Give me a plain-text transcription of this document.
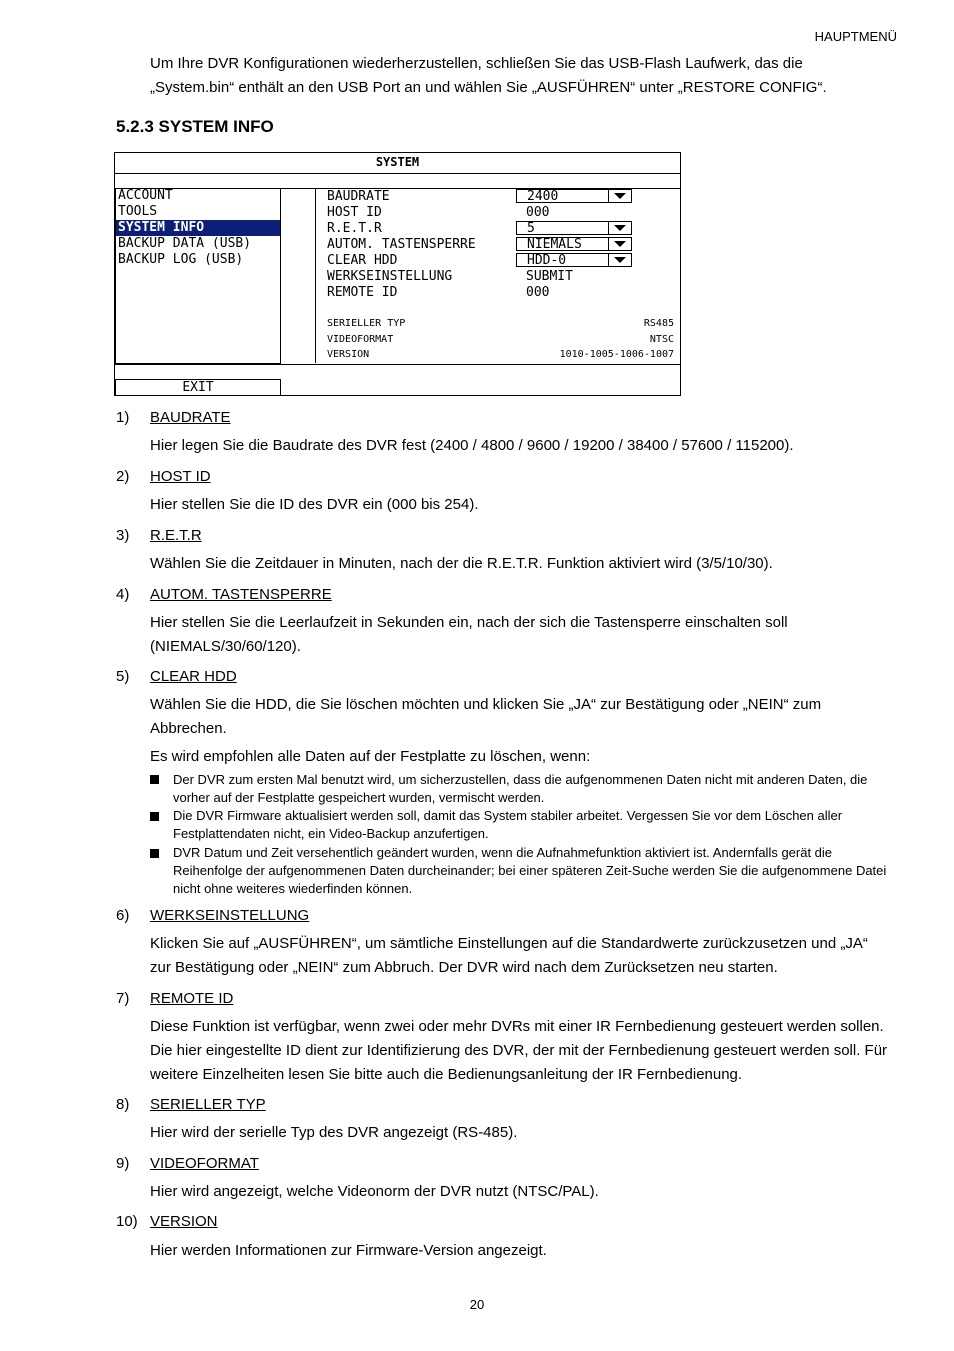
HAUPTMENÜ
Um Ihre DVR Konfigurationen wiederherzustellen, schließen Sie das USB-Flash Laufwerk, das die „System.bin“ enthält an den USB Port an und wählen Sie „AUSFÜHREN“ unter „RESTORE CONFIG“.
5.2.3 SYSTEM INFO
SYSTEM
ACCOUNT
TOOLS
SYSTEM INFO
BACKUP DATA (USB)
BACKUP LOG (USB)
BAUDRATE	2400
HOST ID	000
R.E.T.R	5
AUTOM. TASTENSPERRE	NIEMALS
CLEAR HDD	HDD-0
WERKSEINSTELLUNG	SUBMIT
REMOTE ID	000
SERIELLER TYP	RS485
VIDEOFORMAT	NTSC
VERSION	1010-1005-1006-1007
EXIT
1) BAUDRATE
Hier legen Sie die Baudrate des DVR fest (2400 / 4800 / 9600 / 19200 / 38400 / 57600 / 115200).
2) HOST ID
Hier stellen Sie die ID des DVR ein (000 bis 254).
3) R.E.T.R
Wählen Sie die Zeitdauer in Minuten, nach der die R.E.T.R. Funktion aktiviert wird (3/5/10/30).
4) AUTOM. TASTENSPERRE
Hier stellen Sie die Leerlaufzeit in Sekunden ein, nach der sich die Tastensperre einschalten soll (NIEMALS/30/60/120).
5) CLEAR HDD
Wählen Sie die HDD, die Sie löschen möchten und klicken Sie „JA“ zur Bestätigung oder „NEIN“ zum Abbrechen.
Es wird empfohlen alle Daten auf der Festplatte zu löschen, wenn:
Der DVR zum ersten Mal benutzt wird, um sicherzustellen, dass die aufgenommenen Daten nicht mit anderen Daten, die vorher auf der Festplatte gespeichert wurden, vermischt werden.
Die DVR Firmware aktualisiert werden soll, damit das System stabiler arbeitet. Vergessen Sie vor dem Löschen aller Festplattendaten nicht, ein Video-Backup anzufertigen.
DVR Datum und Zeit versehentlich geändert wurden, wenn die Aufnahmefunktion aktiviert ist. Andernfalls gerät die Reihenfolge der aufgenommenen Daten durcheinander; bei einer späteren Zeit-Suche werden Sie die aufgenommene Datei nicht ohne weiteres wiederfinden können.
6) WERKSEINSTELLUNG
Klicken Sie auf „AUSFÜHREN“, um sämtliche Einstellungen auf die Standardwerte zurückzusetzen und „JA“ zur Bestätigung oder „NEIN“ zum Abbruch. Der DVR wird nach dem Zurücksetzen neu starten.
7) REMOTE ID
Diese Funktion ist verfügbar, wenn zwei oder mehr DVRs mit einer IR Fernbedienung gesteuert werden sollen. Die hier eingestellte ID dient zur Identifizierung des DVR, der mit der Fernbedienung gesteuert werden soll. Für weitere Einzelheiten lesen Sie bitte auch die Bedienungsanleitung der IR Fernbedienung.
8) SERIELLER TYP
Hier wird der serielle Typ des DVR angezeigt (RS-485).
9) VIDEOFORMAT
Hier wird angezeigt, welche Videonorm der DVR nutzt (NTSC/PAL).
10) VERSION
Hier werden Informationen zur Firmware-Version angezeigt.
20
